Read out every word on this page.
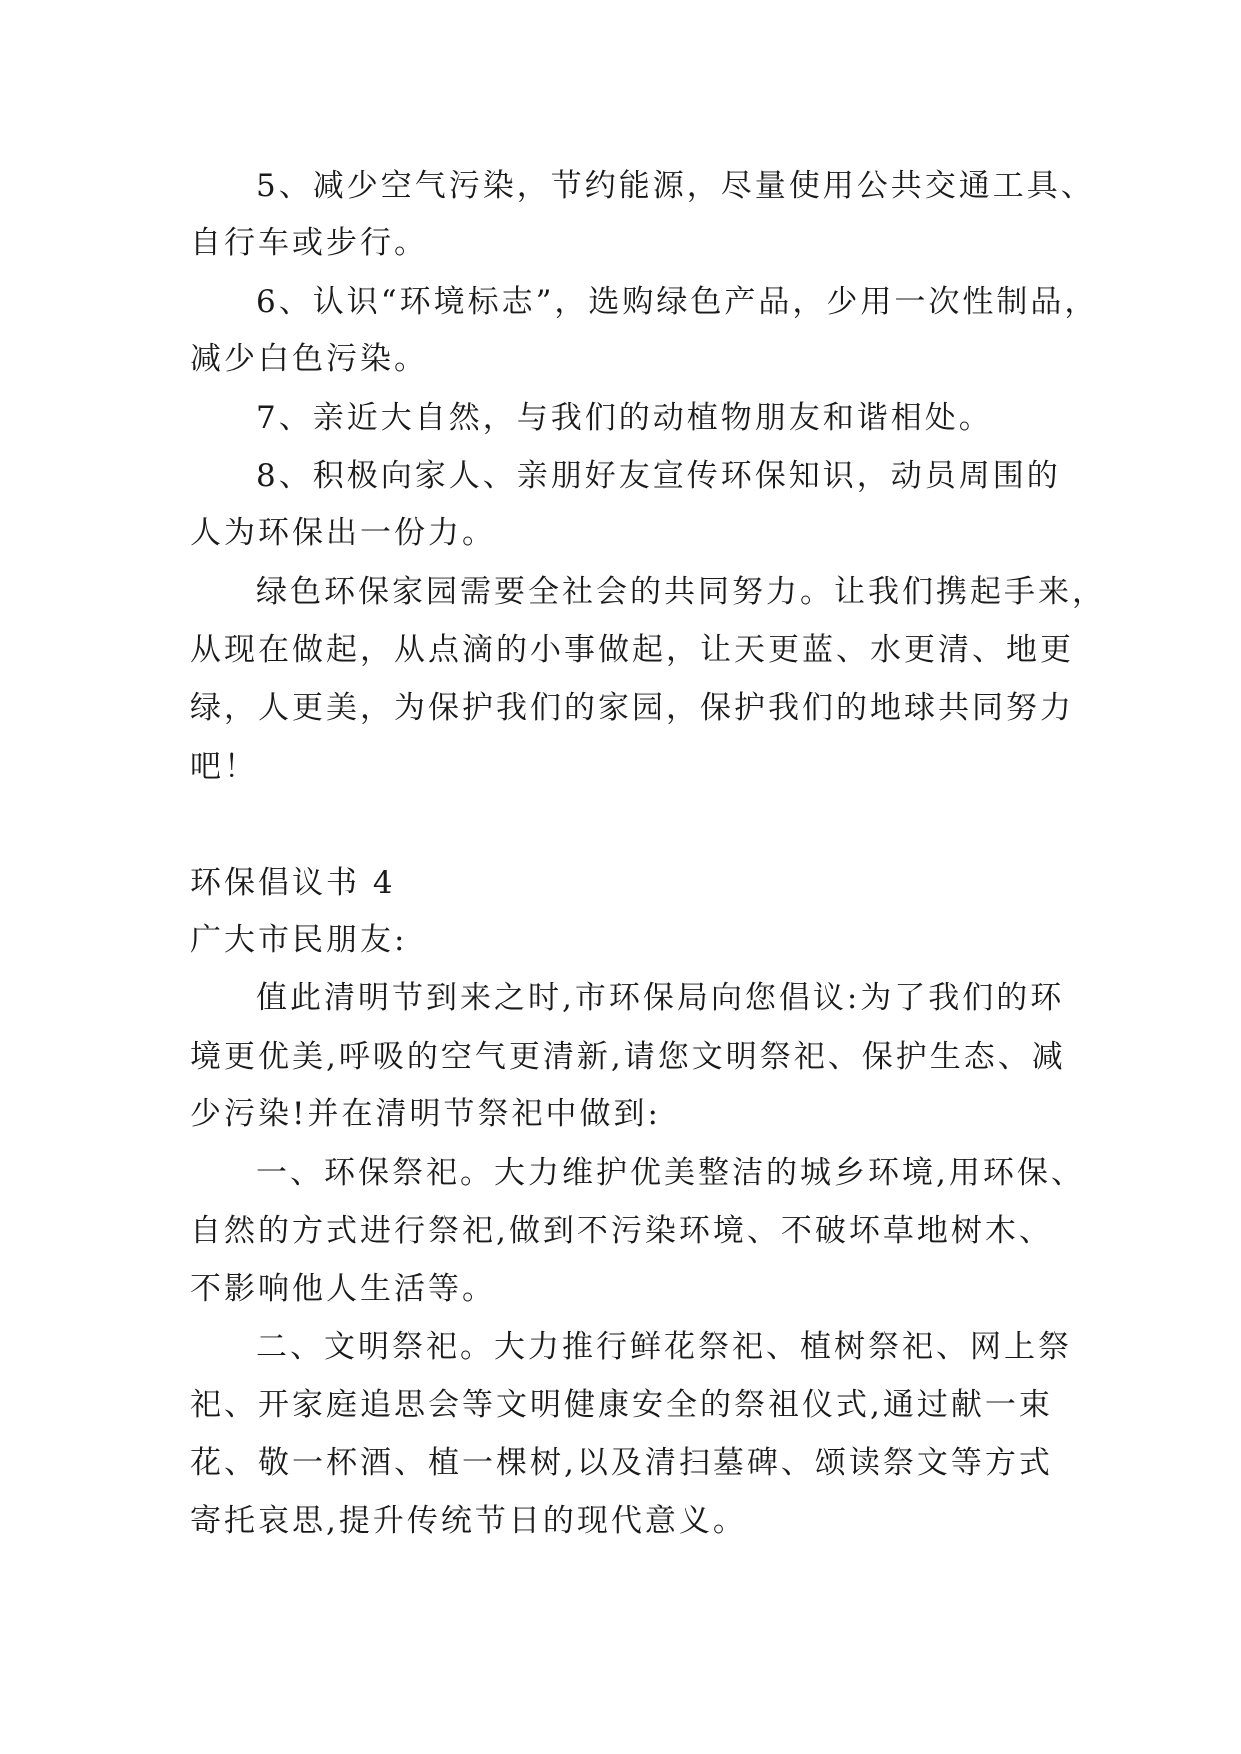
5、减少空气污染，节约能源，尽量使用公共交通工具、
自行车或步行。
6、认识“环境标志”，选购绿色产品，少用一次性制品，
减少白色污染。
7、亲近大自然，与我们的动植物朋友和谐相处。
8、积极向家人、亲朋好友宣传环保知识，动员周围的
人为环保出一份力。
绿色环保家园需要全社会的共同努力。让我们携起手来，
从现在做起，从点滴的小事做起，让天更蓝、水更清、地更
绿，人更美，为保护我们的家园，保护我们的地球共同努力
吧！
环保倡议书 4
广大市民朋友:
值此清明节到来之时,市环保局向您倡议:为了我们的环
境更优美,呼吸的空气更清新,请您文明祭祀、保护生态、减
少污染!并在清明节祭祀中做到:
一、环保祭祀。大力维护优美整洁的城乡环境,用环保、
自然的方式进行祭祀,做到不污染环境、不破坏草地树木、
不影响他人生活等。
二、文明祭祀。大力推行鲜花祭祀、植树祭祀、网上祭
祀、开家庭追思会等文明健康安全的祭祖仪式,通过献一束
花、敬一杯酒、植一棵树,以及清扫墓碑、颂读祭文等方式
寄托哀思,提升传统节日的现代意义。
